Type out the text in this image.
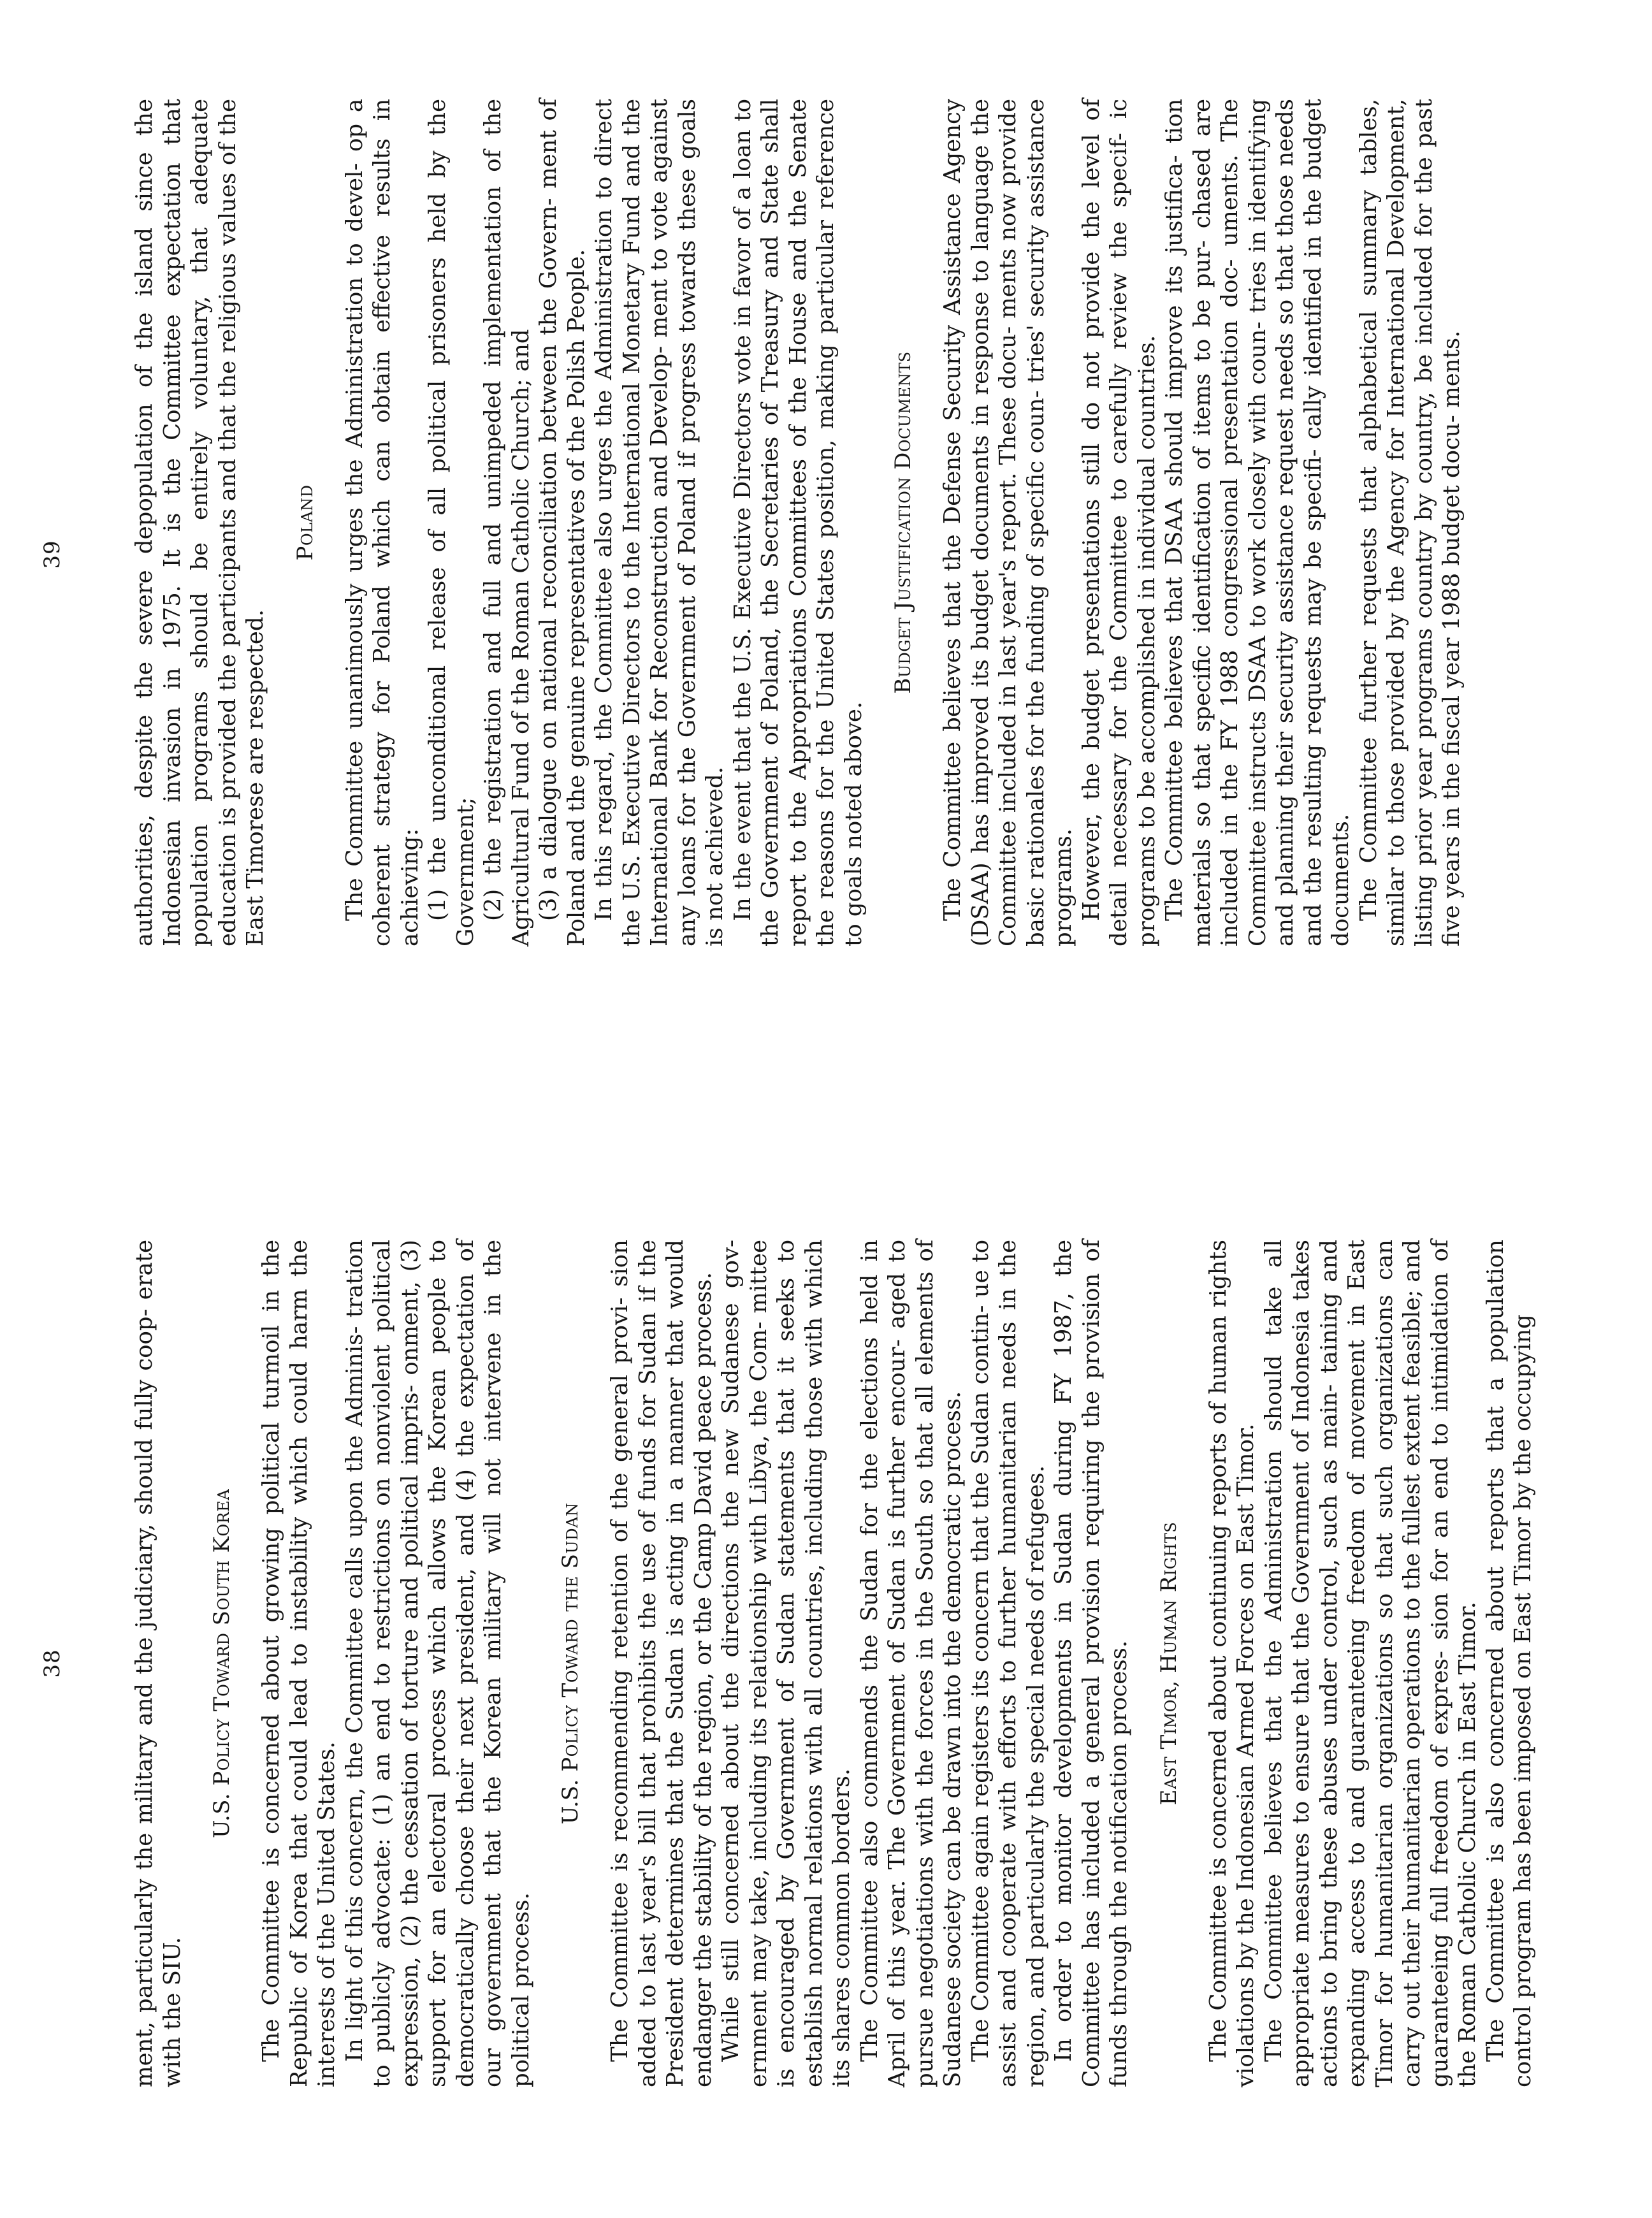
38	ment, particularly the military and the judiciary, should fully coop- erate with the SIU.

U.S. Policy Toward South Korea The Committee is concerned about growing political turmoil in the Republic of Korea that could lead to instability which could harm the interests of the United States. In light of this concern, the Committee calls upon the Adminis- tration to publicly advocate: (1) an end to restrictions on nonviolent political expression, (2) the cessation of torture and political impris- onment, (3) support for an electoral process which allows the Korean people to democratically choose their next president, and (4) the expectation of our government that the Korean military will not intervene in the political process.

U.S. Policy Toward the Sudan The Committee is recommending retention of the general provi- sion added to last year's bill that prohibits the use of funds for Sudan if the President determines that the Sudan is acting in a manner that would endanger the stability of the region, or the Camp David peace process. While still concerned about the directions the new Sudanese gov- ernment may take, including its relationship with Libya, the Com- mittee is encouraged by Government of Sudan statements that it seeks to establish normal relations with all countries, including those with which its shares common borders. The Committee also commends the Sudan for the elections held in April of this year. The Government of Sudan is further encour- aged to pursue negotiations with the forces in the South so that all elements of Sudanese society can be drawn into the democratic process. The Committee again registers its concern that the Sudan contin- ue to assist and cooperate with efforts to further humanitarian needs in the region, and particularly the special needs of refugees. In order to monitor developments in Sudan during FY 1987, the Committee has included a general provision requiring the provision of funds through the notification process. East Timor, Human Rights The Committee is concerned about continuing reports of human rights violations by the Indonesian Armed Forces on East Timor. The Committee believes that the Administration should take all appropriate measures to ensure that the Government of Indonesia takes actions to bring these abuses under control, such as main- taining and expanding access to and guaranteeing freedom of movement in East Timor for humanitarian organizations so that such organizations can carry out their humanitarian operations to the fullest extent feasible; and guaranteeing full freedom of expres- sion for an end to intimidation of the Roman Catholic Church in East Timor. The Committee is also concerned about reports that a population control program has been imposed on East Timor by the occupying

39	authorities, despite the severe depopulation of the island since the Indonesian invasion in 1975. It is the Committee expectation that population programs should be entirely voluntary, that adequate education is provided the participants and that the religious values of the East Timorese are respected.

Poland The Committee unanimously urges the Administration to devel- op a coherent strategy for Poland which can obtain effective results in achieving: (1) the unconditional release of all political prisoners held by the Government; (2) the registration and full and unimpeded implementation of the Agricultural Fund of the Roman Catholic Church; and (3) a dialogue on national reconciliation between the Govern- ment of Poland and the genuine representatives of the Polish People. In this regard, the Committee also urges the Administration to direct the U.S. Executive Directors to the International Monetary Fund and the International Bank for Reconstruction and Develop- ment to vote against any loans for the Government of Poland if progress towards these goals is not achieved. In the event that the U.S. Executive Directors vote in favor of a loan to the Government of Poland, the Secretaries of Treasury and State shall report to the Appropriations Committees of the House and the Senate the reasons for the United States position, making particular reference to goals noted above.

Budget Justification Documents The Committee believes that the Defense Security Assistance Agency (DSAA) has improved its budget documents in response to language the Committee included in last year's report. These docu- ments now provide basic rationales for the funding of specific coun- tries' security assistance programs. However, the budget presentations still do not provide the level of detail necessary for the Committee to carefully review the specif- ic programs to be accomplished in individual countries. The Committee believes that DSAA should improve its justifica- tion materials so that specific identification of items to be pur- chased are included in the FY 1988 congressional presentation doc- uments. The Committee instructs DSAA to work closely with coun- tries in identifying and planning their security assistance request needs so that those needs and the resulting requests may be specifi- cally identified in the budget documents. The Committee further requests that alphabetical summary tables, similar to those provided by the Agency for International Development, listing prior year programs country by country, be included for the past five years in the fiscal year 1988 budget docu- ments.
